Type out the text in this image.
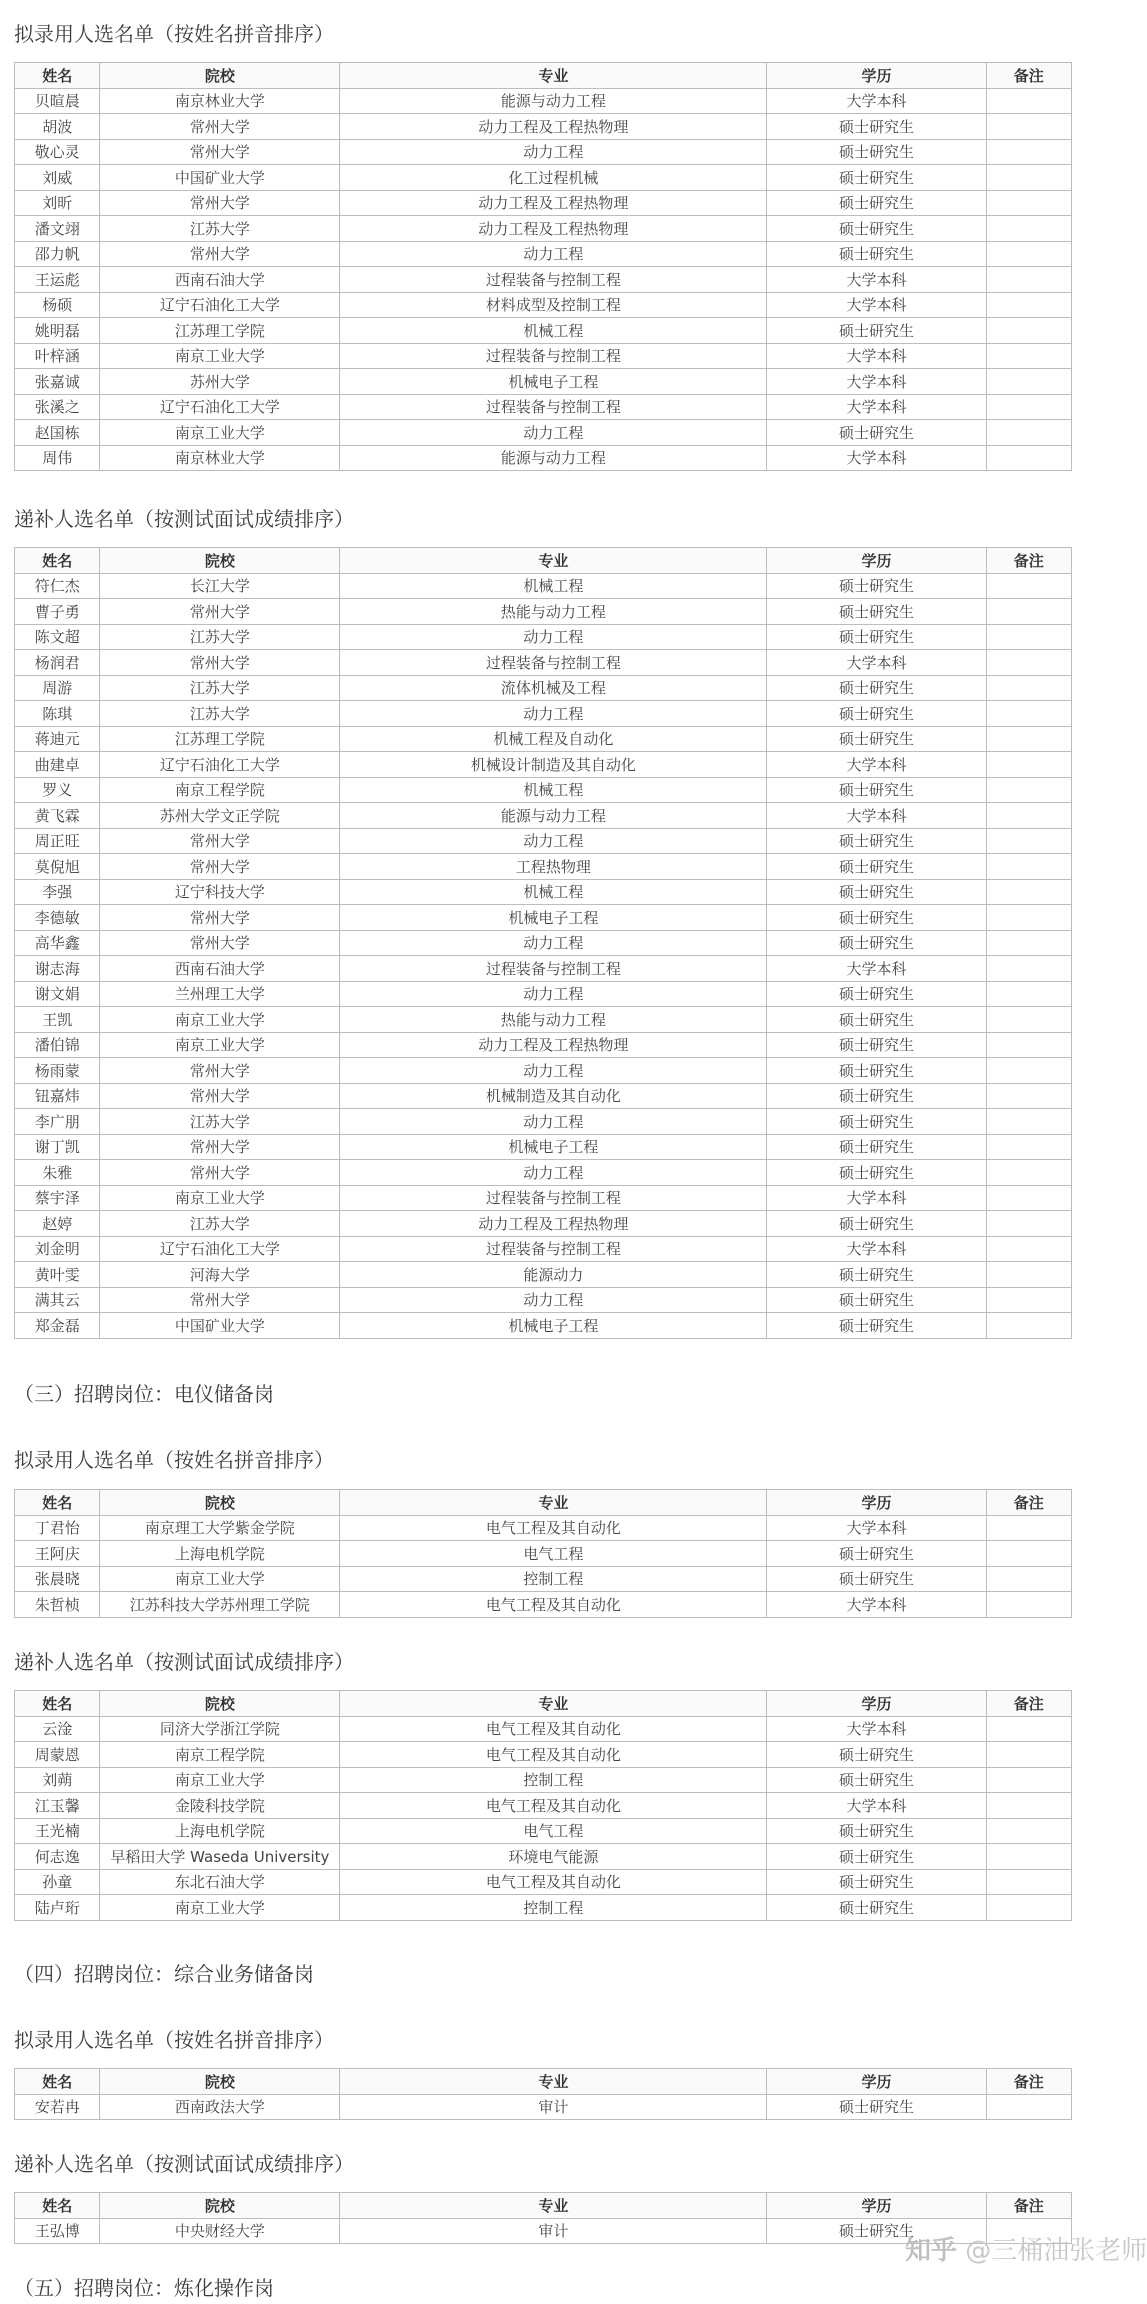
拟录用人选名单（按姓名拼音排序）
姓名	院校	专业	学历	备注
贝暄晨	南京林业大学	能源与动力工程	大学本科	
胡波	常州大学	动力工程及工程热物理	硕士研究生	
敬心灵	常州大学	动力工程	硕士研究生	
刘威	中国矿业大学	化工过程机械	硕士研究生	
刘昕	常州大学	动力工程及工程热物理	硕士研究生	
潘文翊	江苏大学	动力工程及工程热物理	硕士研究生	
邵力帆	常州大学	动力工程	硕士研究生	
王运彪	西南石油大学	过程装备与控制工程	大学本科	
杨硕	辽宁石油化工大学	材料成型及控制工程	大学本科	
姚明磊	江苏理工学院	机械工程	硕士研究生	
叶梓涵	南京工业大学	过程装备与控制工程	大学本科	
张嘉诚	苏州大学	机械电子工程	大学本科	
张溪之	辽宁石油化工大学	过程装备与控制工程	大学本科	
赵国栋	南京工业大学	动力工程	硕士研究生	
周伟	南京林业大学	能源与动力工程	大学本科	
递补人选名单（按测试面试成绩排序）
姓名	院校	专业	学历	备注
符仁杰	长江大学	机械工程	硕士研究生	
曹子勇	常州大学	热能与动力工程	硕士研究生	
陈文超	江苏大学	动力工程	硕士研究生	
杨润君	常州大学	过程装备与控制工程	大学本科	
周游	江苏大学	流体机械及工程	硕士研究生	
陈琪	江苏大学	动力工程	硕士研究生	
蒋迪元	江苏理工学院	机械工程及自动化	硕士研究生	
曲建卓	辽宁石油化工大学	机械设计制造及其自动化	大学本科	
罗义	南京工程学院	机械工程	硕士研究生	
黄飞霖	苏州大学文正学院	能源与动力工程	大学本科	
周正旺	常州大学	动力工程	硕士研究生	
莫倪旭	常州大学	工程热物理	硕士研究生	
李强	辽宁科技大学	机械工程	硕士研究生	
李德敏	常州大学	机械电子工程	硕士研究生	
高华鑫	常州大学	动力工程	硕士研究生	
谢志海	西南石油大学	过程装备与控制工程	大学本科	
谢文娟	兰州理工大学	动力工程	硕士研究生	
王凯	南京工业大学	热能与动力工程	硕士研究生	
潘伯锦	南京工业大学	动力工程及工程热物理	硕士研究生	
杨雨蒙	常州大学	动力工程	硕士研究生	
钮嘉炜	常州大学	机械制造及其自动化	硕士研究生	
李广朋	江苏大学	动力工程	硕士研究生	
谢丁凯	常州大学	机械电子工程	硕士研究生	
朱雅	常州大学	动力工程	硕士研究生	
蔡宇泽	南京工业大学	过程装备与控制工程	大学本科	
赵婷	江苏大学	动力工程及工程热物理	硕士研究生	
刘金明	辽宁石油化工大学	过程装备与控制工程	大学本科	
黄叶雯	河海大学	能源动力	硕士研究生	
满其云	常州大学	动力工程	硕士研究生	
郑金磊	中国矿业大学	机械电子工程	硕士研究生	
（三）招聘岗位：电仪储备岗
拟录用人选名单（按姓名拼音排序）
姓名	院校	专业	学历	备注
丁君怡	南京理工大学紫金学院	电气工程及其自动化	大学本科	
王阿庆	上海电机学院	电气工程	硕士研究生	
张晨晓	南京工业大学	控制工程	硕士研究生	
朱哲桢	江苏科技大学苏州理工学院	电气工程及其自动化	大学本科	
递补人选名单（按测试面试成绩排序）
姓名	院校	专业	学历	备注
云淦	同济大学浙江学院	电气工程及其自动化	大学本科	
周蒙恩	南京工程学院	电气工程及其自动化	硕士研究生	
刘蒴	南京工业大学	控制工程	硕士研究生	
江玉馨	金陵科技学院	电气工程及其自动化	大学本科	
王光楠	上海电机学院	电气工程	硕士研究生	
何志逸	早稻田大学 Waseda University	环境电气能源	硕士研究生	
孙童	东北石油大学	电气工程及其自动化	硕士研究生	
陆卢珩	南京工业大学	控制工程	硕士研究生	
（四）招聘岗位：综合业务储备岗
拟录用人选名单（按姓名拼音排序）
姓名	院校	专业	学历	备注
安若冉	西南政法大学	审计	硕士研究生	
递补人选名单（按测试面试成绩排序）
姓名	院校	专业	学历	备注
王弘博	中央财经大学	审计	硕士研究生	
（五）招聘岗位：炼化操作岗
知乎 @三桶油张老师
